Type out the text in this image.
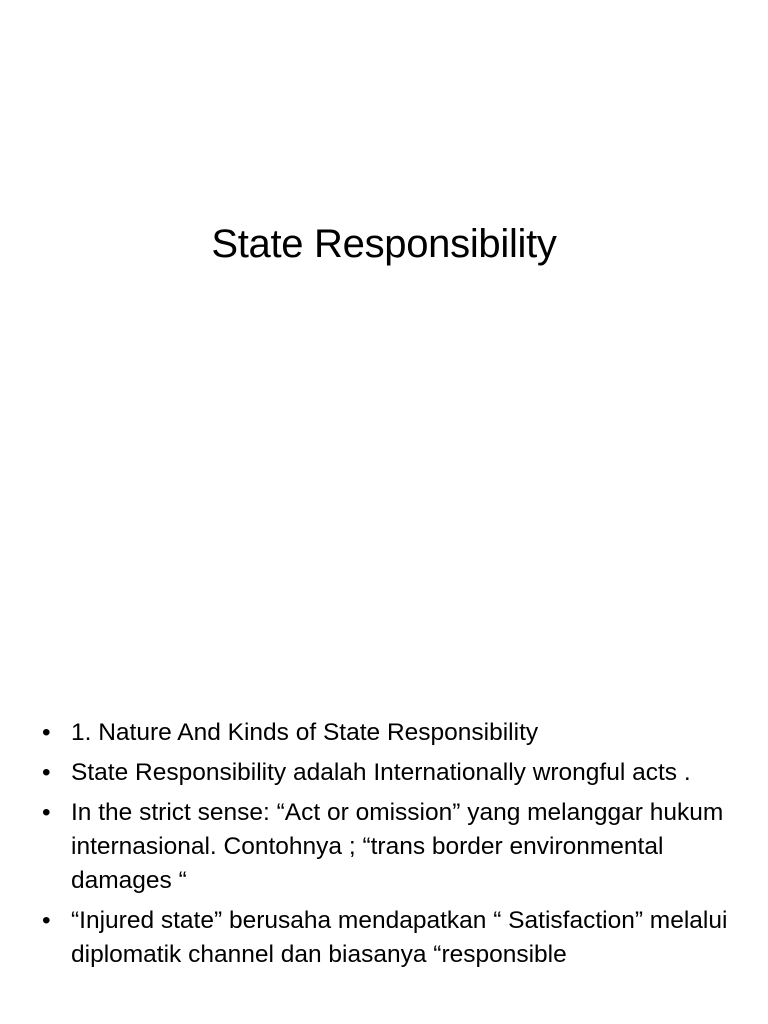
State Responsibility
• 1. Nature And Kinds of State Responsibility
• State Responsibility adalah Internationally wrongful acts .
• In the strict sense: “Act or omission” yang melanggar hukum internasional. Contohnya ; “trans border environmental damages “
• “Injured state” berusaha mendapatkan “ Satisfaction” melalui diplomatik channel dan biasanya “responsible
